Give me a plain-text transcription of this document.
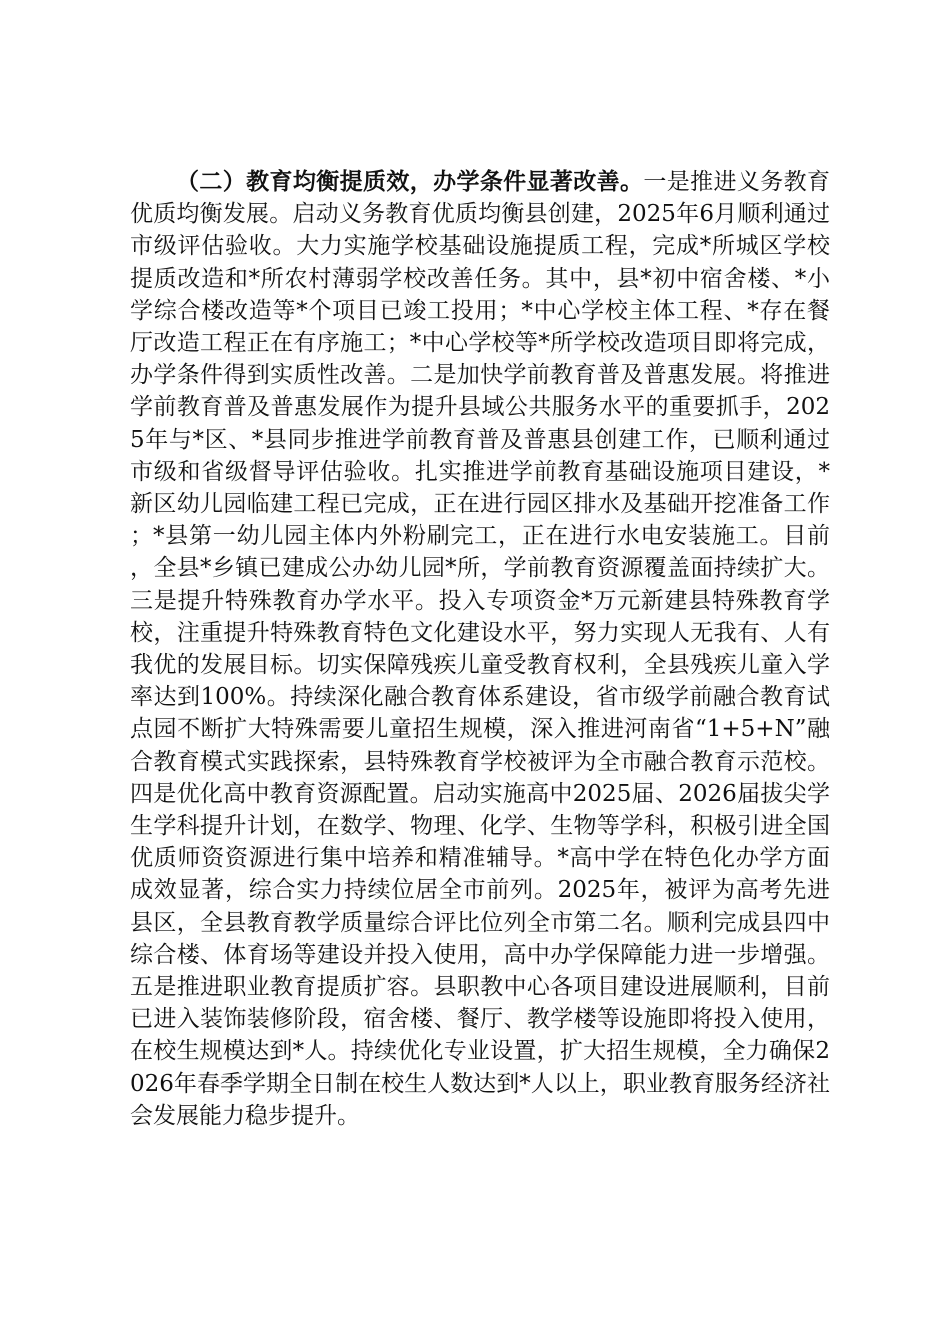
（二）教育均衡提质效，办学条件显著改善。一是推进义务教育优质均衡发展。启动义务教育优质均衡县创建，2025年6月顺利通过市级评估验收。大力实施学校基础设施提质工程，完成*所城区学校提质改造和*所农村薄弱学校改善任务。其中，县*初中宿舍楼、*小学综合楼改造等*个项目已竣工投用；*中心学校主体工程、*存在餐厅改造工程正在有序施工；*中心学校等*所学校改造项目即将完成，办学条件得到实质性改善。二是加快学前教育普及普惠发展。将推进学前教育普及普惠发展作为提升县域公共服务水平的重要抓手，2025年与*区、*县同步推进学前教育普及普惠县创建工作，已顺利通过市级和省级督导评估验收。扎实推进学前教育基础设施项目建设，*新区幼儿园临建工程已完成，正在进行园区排水及基础开挖准备工作；*县第一幼儿园主体内外粉刷完工，正在进行水电安装施工。目前，全县*乡镇已建成公办幼儿园*所，学前教育资源覆盖面持续扩大。三是提升特殊教育办学水平。投入专项资金*万元新建县特殊教育学校，注重提升特殊教育特色文化建设水平，努力实现人无我有、人有我优的发展目标。切实保障残疾儿童受教育权利，全县残疾儿童入学率达到100%。持续深化融合教育体系建设，省市级学前融合教育试点园不断扩大特殊需要儿童招生规模，深入推进河南省“1+5+N”融合教育模式实践探索，县特殊教育学校被评为全市融合教育示范校。四是优化高中教育资源配置。启动实施高中2025届、2026届拔尖学生学科提升计划，在数学、物理、化学、生物等学科，积极引进全国优质师资资源进行集中培养和精准辅导。*高中学在特色化办学方面成效显著，综合实力持续位居全市前列。2025年，被评为高考先进县区，全县教育教学质量综合评比位列全市第二名。顺利完成县四中综合楼、体育场等建设并投入使用，高中办学保障能力进一步增强。五是推进职业教育提质扩容。县职教中心各项目建设进展顺利，目前已进入装饰装修阶段，宿舍楼、餐厅、教学楼等设施即将投入使用，在校生规模达到*人。持续优化专业设置，扩大招生规模，全力确保2026年春季学期全日制在校生人数达到*人以上，职业教育服务经济社会发展能力稳步提升。
